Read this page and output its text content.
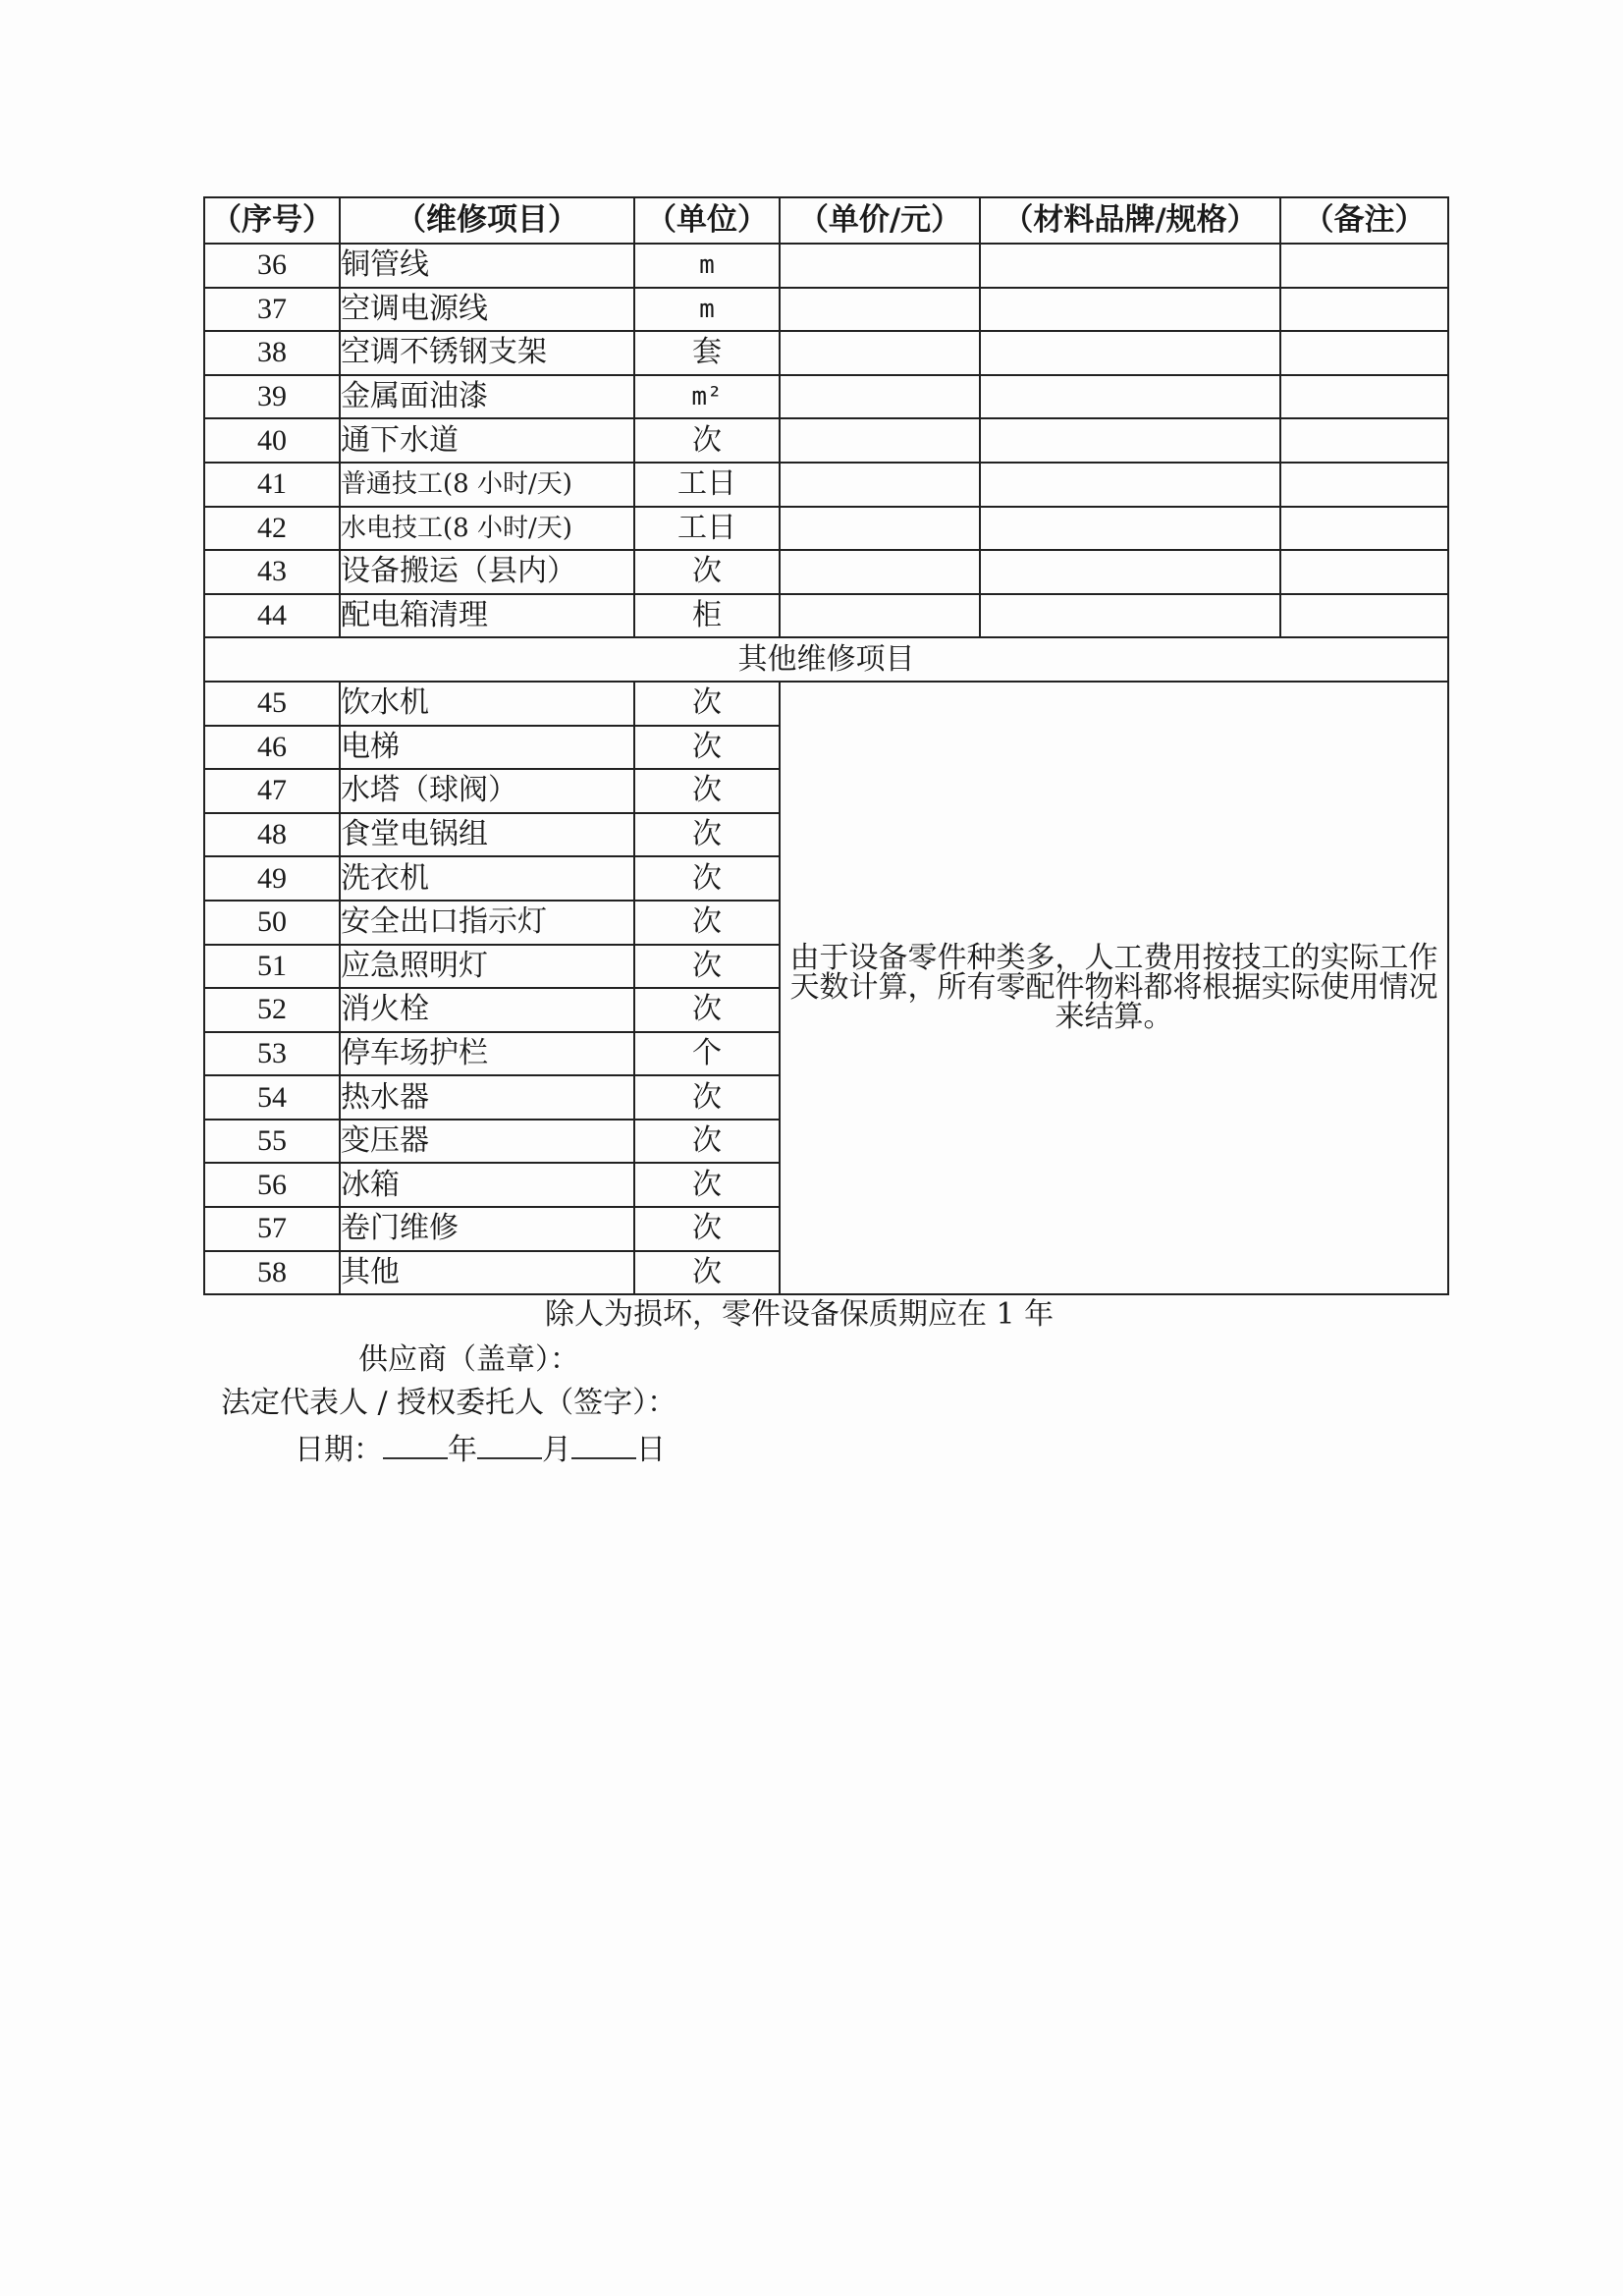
（序号）	（维修项目）	（单位）	（单价/元）	（材料品牌/规格）	（备注）
36	铜管线	m			
37	空调电源线	m			
38	空调不锈钢支架	套			
39	金属面油漆	m²			
40	通下水道	次			
41	普通技工(8 小时/天)	工日			
42	水电技工(8 小时/天)	工日			
43	设备搬运（县内）	次			
44	配电箱清理	柜			
其他维修项目					
45	饮水机	次	由于设备零件种类多，人工费用按技工的实际工作天数计算，所有零配件物料都将根据实际使用情况来结算。		
46	电梯	次			
47	水塔（球阀）	次			
48	食堂电锅组	次			
49	洗衣机	次			
50	安全出口指示灯	次			
51	应急照明灯	次			
52	消火栓	次			
53	停车场护栏	个			
54	热水器	次			
55	变压器	次			
56	冰箱	次			
57	卷门维修	次			
58	其他	次			
除人为损坏，零件设备保质期应在 1 年
供应商（盖章）：
法定代表人 / 授权委托人（签字）：
日期： 年 月 日
